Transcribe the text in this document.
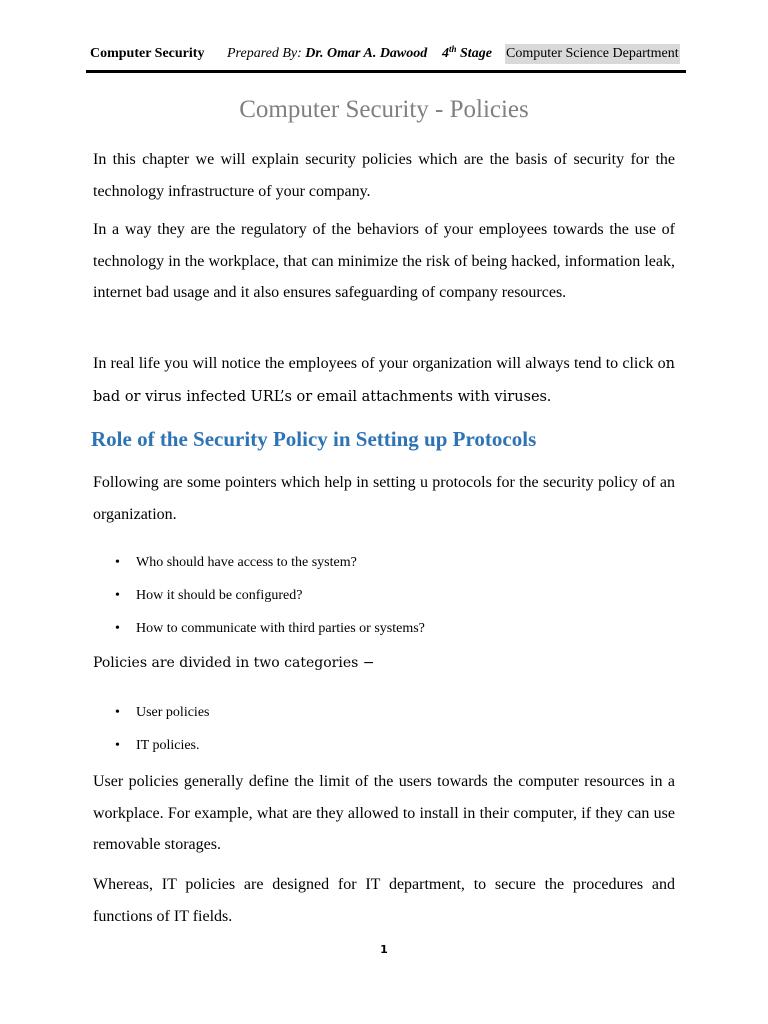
Computer Security Prepared By: Dr. Omar A. Dawood 4th Stage Computer Science Department
Computer Security - Policies

In this chapter we will explain security policies which are the basis of security for the technology infrastructure of your company.

In a way they are the regulatory of the behaviors of your employees towards the use of technology in the workplace, that can minimize the risk of being hacked, information leak, internet bad usage and it also ensures safeguarding of company resources.

In real life you will notice the employees of your organization will always tend to click on bad or virus infected URL’s or email attachments with viruses.

Role of the Security Policy in Setting up Protocols

Following are some pointers which help in setting u protocols for the security policy of an organization.

• Who should have access to the system?
• How it should be configured?
• How to communicate with third parties or systems?

Policies are divided in two categories −

• User policies
• IT policies.

User policies generally define the limit of the users towards the computer resources in a workplace. For example, what are they allowed to install in their computer, if they can use removable storages.

Whereas, IT policies are designed for IT department, to secure the procedures and functions of IT fields.

1
